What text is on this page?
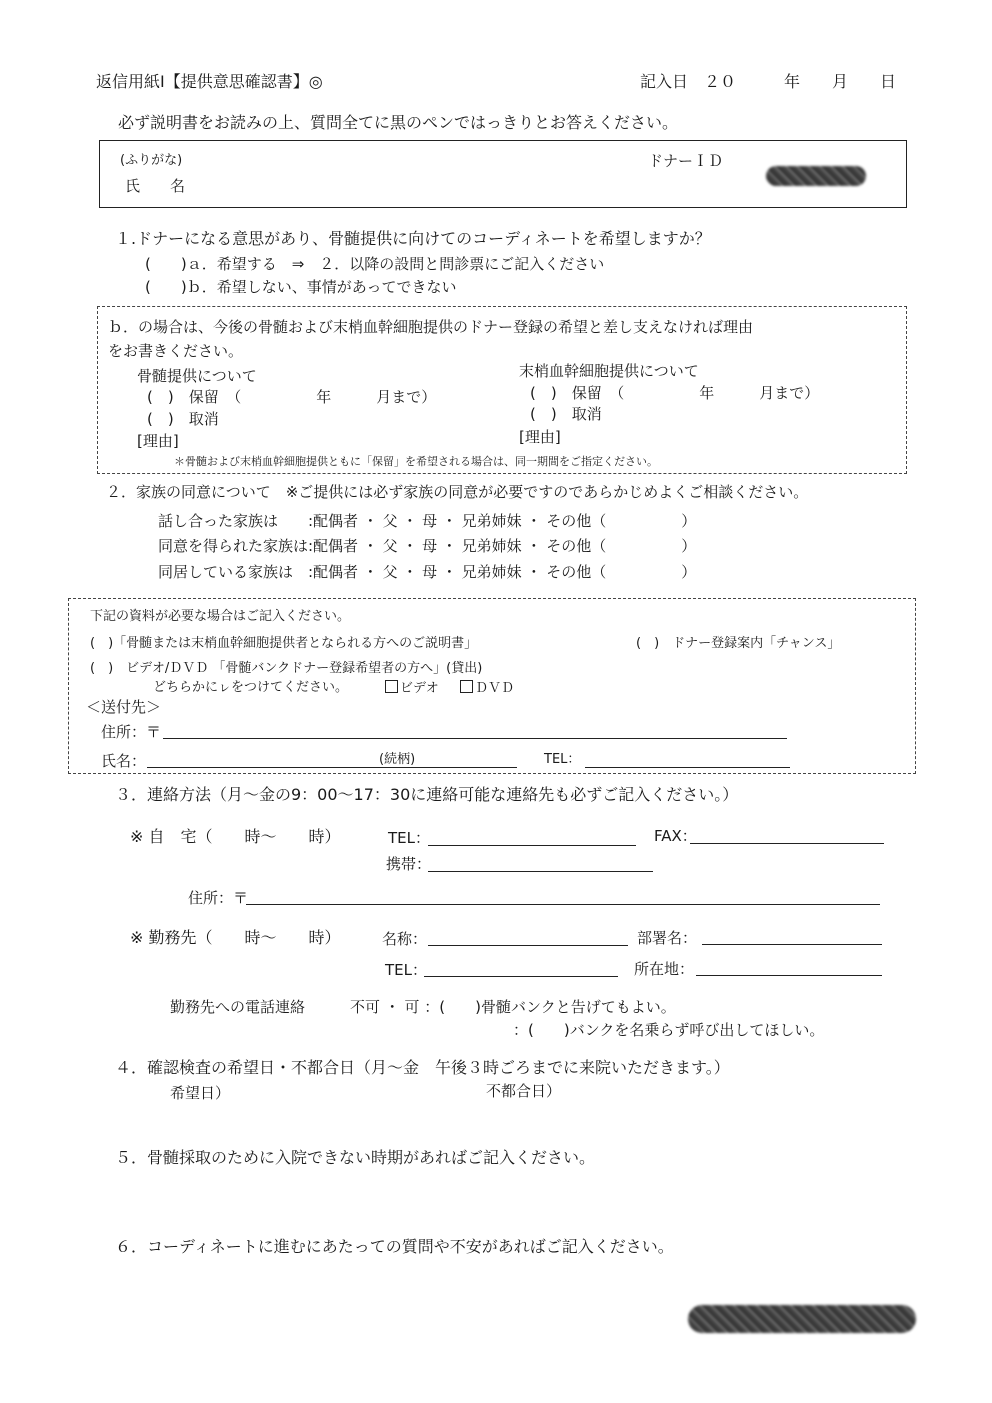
返信用紙Ⅰ【提供意思確認書】◎	記入日　２０　　　年　　月　　日
必ず説明書をお読みの上、質問全てに黒のペンではっきりとお答えください。
(ふりがな)
氏　　名
ドナーＩＤ
１.ドナーになる意思があり、骨髄提供に向けてのコーディネートを希望しますか？
(　　)ａ．希望する　⇒　２．以降の設問と問診票にご記入ください
(　　)ｂ．希望しない、事情があってできない
ｂ．の場合は、今後の骨髄および末梢血幹細胞提供のドナー登録の希望と差し支えなければ理由
をお書きください。
骨髄提供について
(　)　保留　（　　　　　年　　　月まで）
(　)　取消
[理由]
末梢血幹細胞提供について
(　)　保留　（　　　　　年　　　月まで）
(　)　取消
[理由]
＊骨髄および末梢血幹細胞提供ともに「保留」を希望される場合は、同一期間をご指定ください。
２．家族の同意について　※ご提供には必ず家族の同意が必要ですのであらかじめよくご相談ください。
話し合った家族は　　:配偶者 ・ 父 ・ 母 ・ 兄弟姉妹 ・ その他（　　　　　）
同意を得られた家族は:配偶者 ・ 父 ・ 母 ・ 兄弟姉妹 ・ その他（　　　　　）
同居している家族は　:配偶者 ・ 父 ・ 母 ・ 兄弟姉妹 ・ その他（　　　　　）
下記の資料が必要な場合はご記入ください。
(　)「骨髄または末梢血幹細胞提供者となられる方へのご説明書」	(　)　ドナー登録案内「チャンス」
(　)　ビデオ/ＤＶＤ 「骨髄バンクドナー登録希望者の方へ」(貸出)
どちらかにㇾをつけてください。	ビデオ	ＤＶＤ
＜送付先＞
住所：〒
氏名：	(続柄)	TEL：
３．連絡方法（月～金の9：00～17：30に連絡可能な連絡先も必ずご記入ください。）
※ 自　宅（　　時～　　時）	TEL：	FAX：
携帯：
住所：〒
※ 勤務先（　　時～　　時）	名称：	部署名：
TEL：	所在地：
勤務先への電話連絡　　　不可 ・ 可 ：(　　)骨髄バンクと告げてもよい。
：(　　)バンクを名乗らず呼び出してほしい。
４．確認検査の希望日・不都合日（月～金　午後３時ごろまでに来院いただきます。）
希望日）	不都合日）
５．骨髄採取のために入院できない時期があればご記入ください。
６．コーディネートに進むにあたっての質問や不安があればご記入ください。
